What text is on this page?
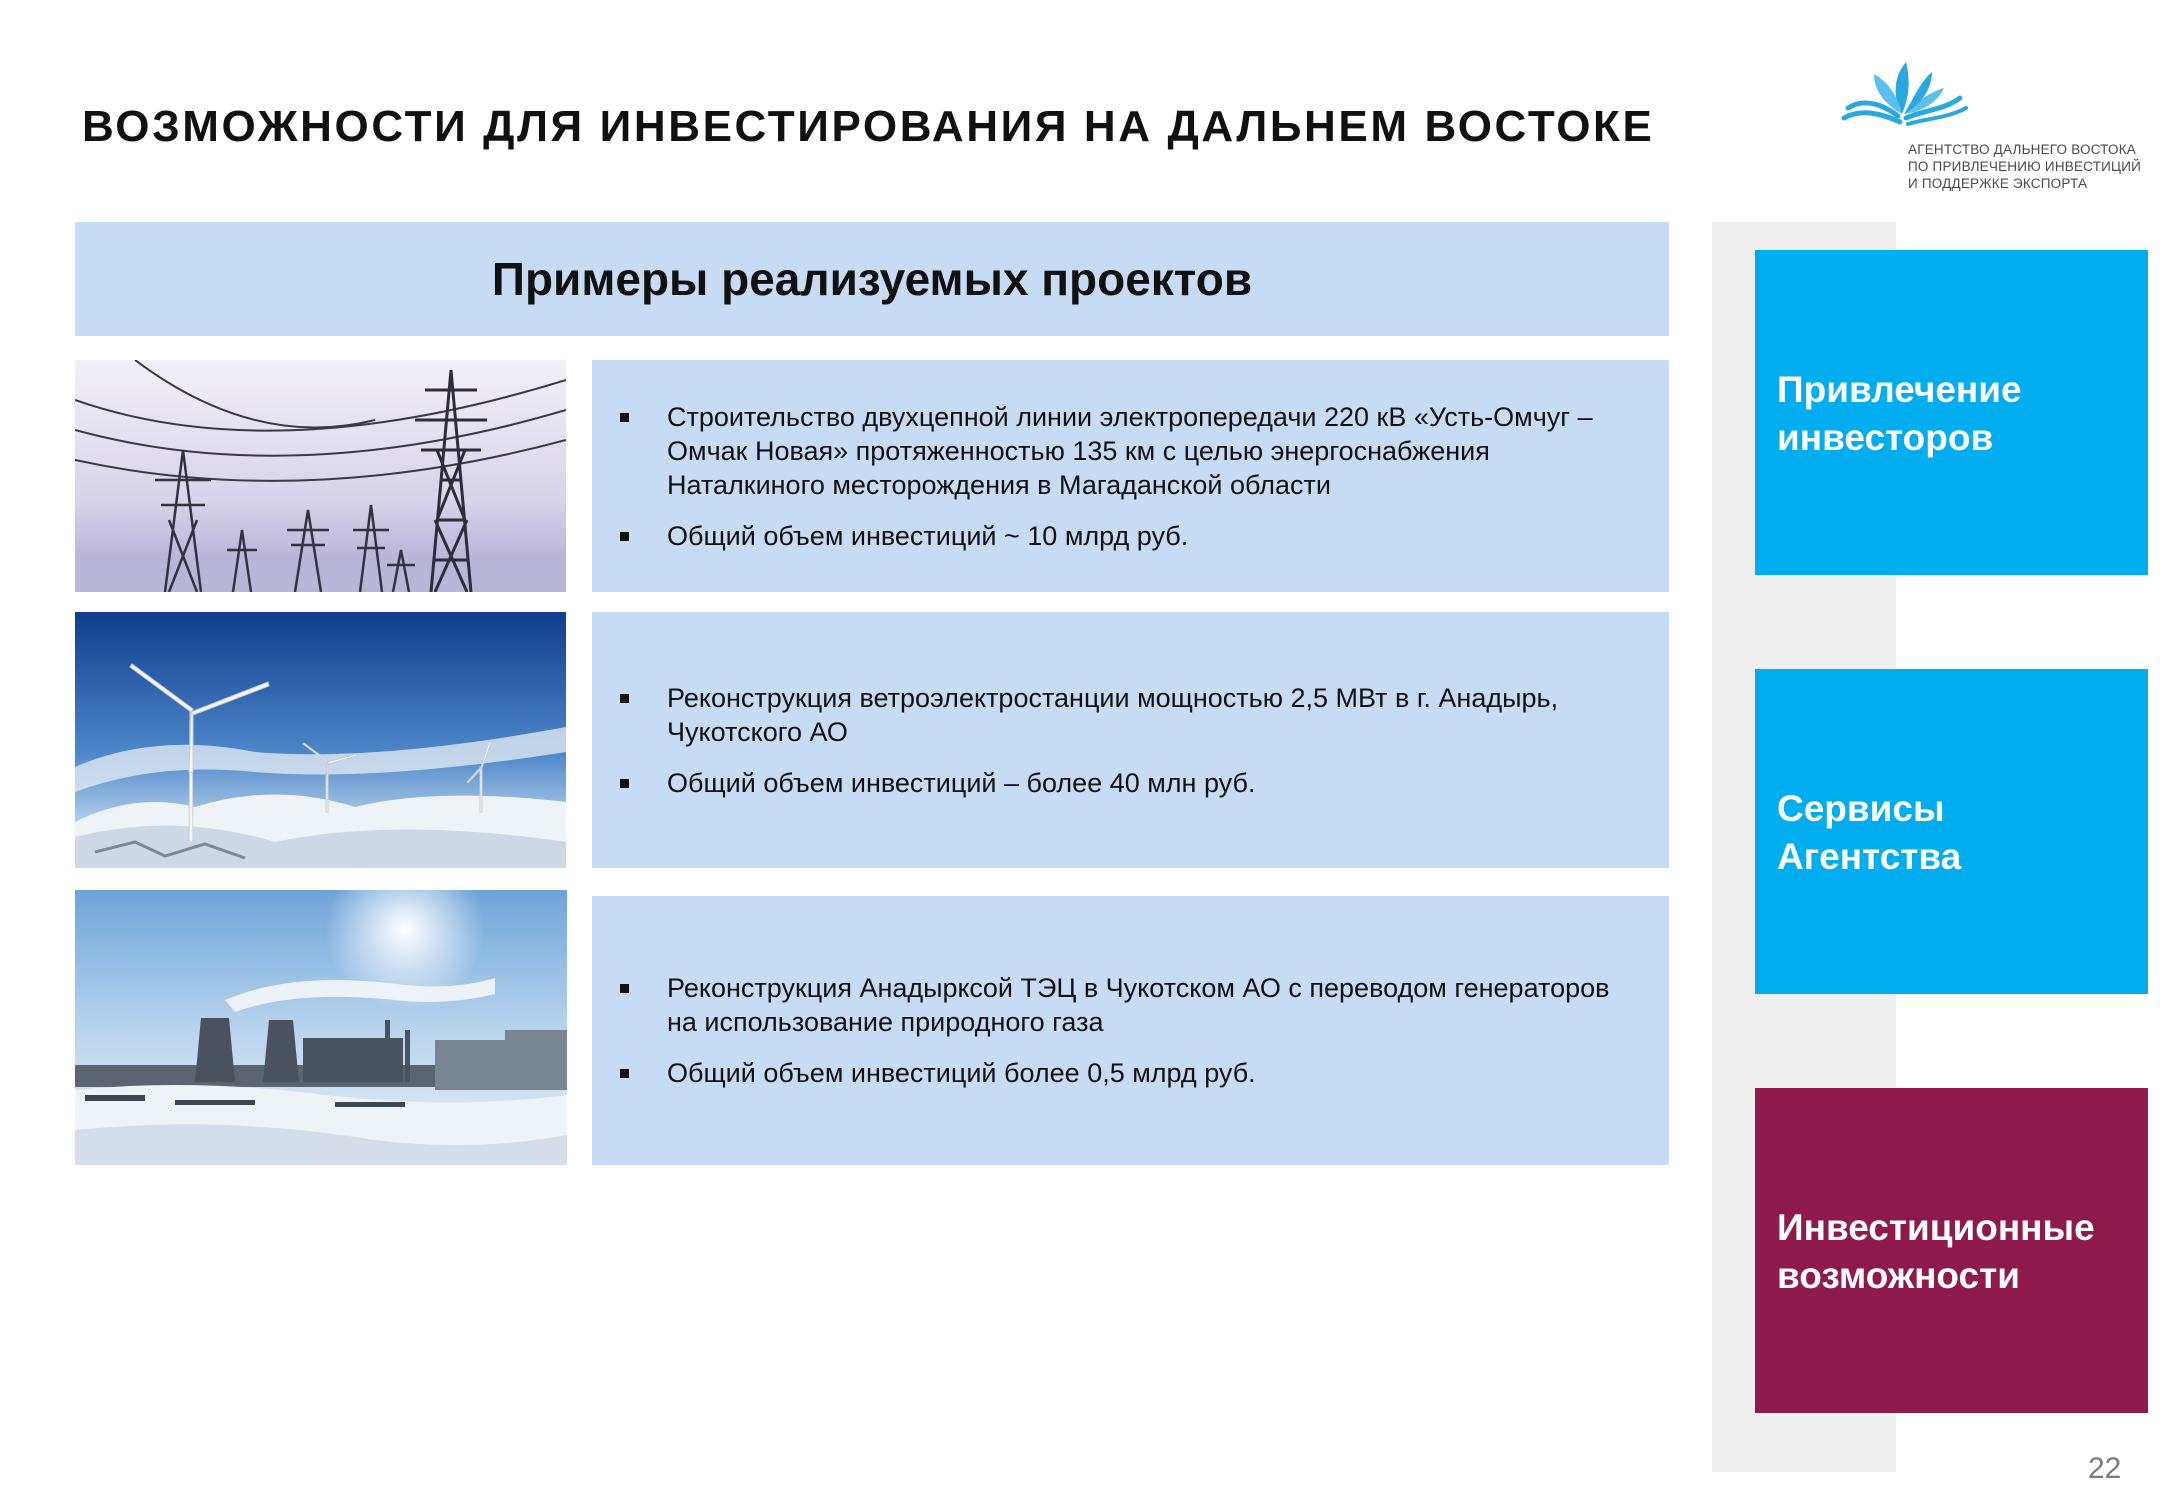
ВОЗМОЖНОСТИ ДЛЯ ИНВЕСТИРОВАНИЯ НА ДАЛЬНЕМ ВОСТОКЕ	АГЕНТСТВО ДАЛЬНЕГО ВОСТОКА
ПО ПРИВЛЕЧЕНИЮ ИНВЕСТИЦИЙ
И ПОДДЕРЖКЕ ЭКСПОРТА
Примеры реализуемых проектов
Строительство двухцепной линии электропередачи 220 кВ «Усть-Омчуг – Омчак Новая» протяженностью 135 км с целью энергоснабжения Наталкиного месторождения в Магаданской области
Общий объем инвестиций ~ 10 млрд руб.
Реконструкция ветроэлектростанции мощностью 2,5 МВт в г. Анадырь, Чукотского АО
Общий объем инвестиций – более 40 млн руб.
Реконструкция Анадыркcой ТЭЦ в Чукотском АО с переводом генераторов на использование природного газа
Общий объем инвестиций более 0,5 млрд руб.
Привлечение
инвесторов
Сервисы
Агентства
Инвестиционные
возможности
22
